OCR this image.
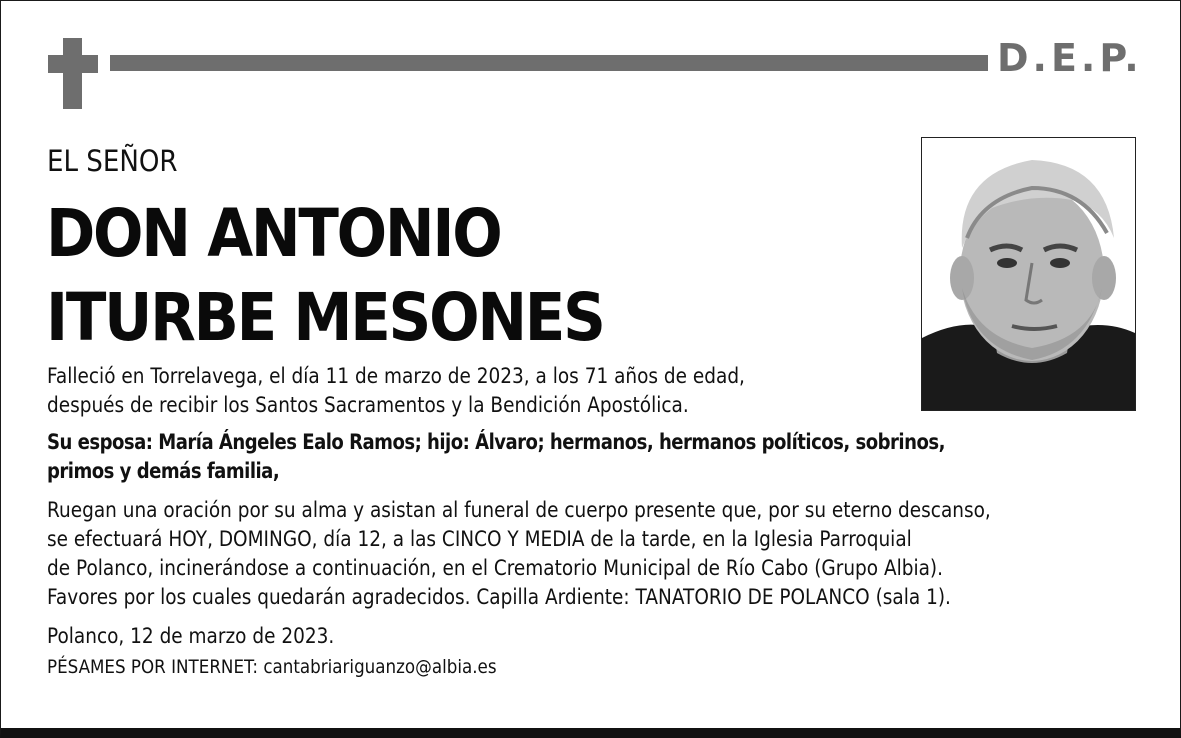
D.E.P.
EL SEÑOR
DON ANTONIO
ITURBE MESONES
Falleció en Torrelavega, el día 11 de marzo de 2023, a los 71 años de edad,
después de recibir los Santos Sacramentos y la Bendición Apostólica.
Su esposa: María Ángeles Ealo Ramos; hijo: Álvaro; hermanos, hermanos políticos, sobrinos,
primos y demás familia,
Ruegan una oración por su alma y asistan al funeral de cuerpo presente que, por su eterno descanso,
se efectuará HOY, DOMINGO, día 12, a las CINCO Y MEDIA de la tarde, en la Iglesia Parroquial
de Polanco, incinerándose a continuación, en el Crematorio Municipal de Río Cabo (Grupo Albia).
Favores por los cuales quedarán agradecidos. Capilla Ardiente: TANATORIO DE POLANCO (sala 1).
Polanco, 12 de marzo de 2023.
PÉSAMES POR INTERNET: cantabriariguanzo@albia.es
